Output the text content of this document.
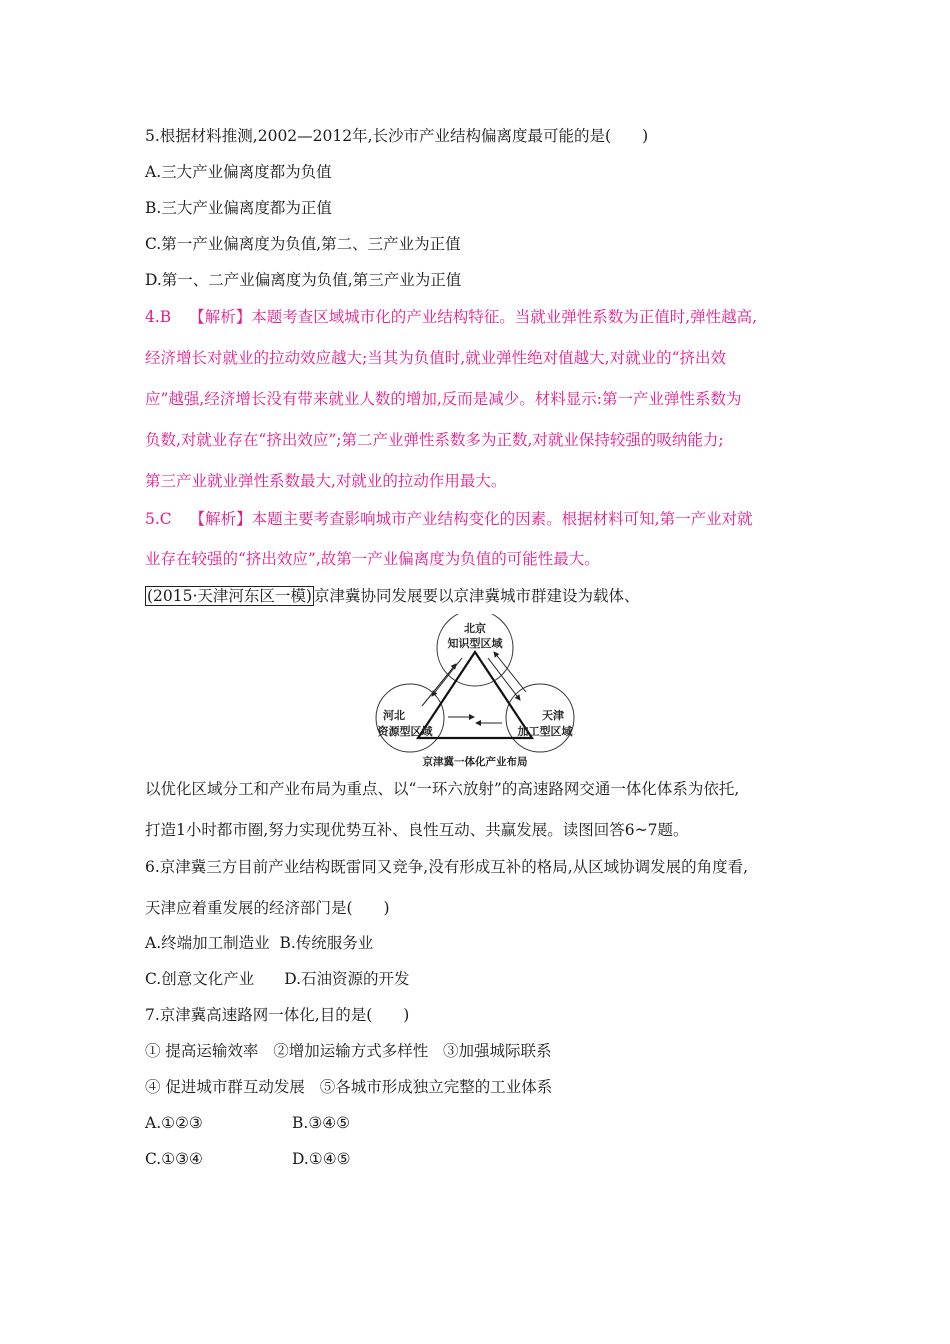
5.根据材料推测,2002—2012年,长沙市产业结构偏离度最可能的是(　　)
A.三大产业偏离度都为负值
B.三大产业偏离度都为正值
C.第一产业偏离度为负值,第二、三产业为正值
D.第一、二产业偏离度为负值,第三产业为正值
4.B 【解析】本题考查区域城市化的产业结构特征。当就业弹性系数为正值时,弹性越高,
经济增长对就业的拉动效应越大;当其为负值时,就业弹性绝对值越大,对就业的“挤出效
应”越强,经济增长没有带来就业人数的增加,反而是减少。材料显示:第一产业弹性系数为
负数,对就业存在“挤出效应”;第二产业弹性系数多为正数,对就业保持较强的吸纳能力;
第三产业就业弹性系数最大,对就业的拉动作用最大。
5.C 【解析】本题主要考查影响城市产业结构变化的因素。根据材料可知,第一产业对就
业存在较强的“挤出效应”,故第一产业偏离度为负值的可能性最大。
(2015·天津河东区一模) 京津冀协同发展要以京津冀城市群建设为载体、
北京
知识型区域
河北
资源型区域
天津
加工型区域
京津冀一体化产业布局
以优化区域分工和产业布局为重点、以“一环六放射”的高速路网交通一体化体系为依托,
打造1小时都市圈,努力实现优势互补、良性互动、共赢发展。读图回答6~7题。
6.京津冀三方目前产业结构既雷同又竞争,没有形成互补的格局,从区域协调发展的角度看,
天津应着重发展的经济部门是(　　)
A.终端加工制造业 B.传统服务业
C.创意文化产业 D.石油资源的开发
7.京津冀高速路网一体化,目的是(　　)
① 提高运输效率 ②增加运输方式多样性 ③加强城际联系
④ 促进城市群互动发展 ⑤各城市形成独立完整的工业体系
A.①②③	B.③④⑤
C.①③④	D.①④⑤
